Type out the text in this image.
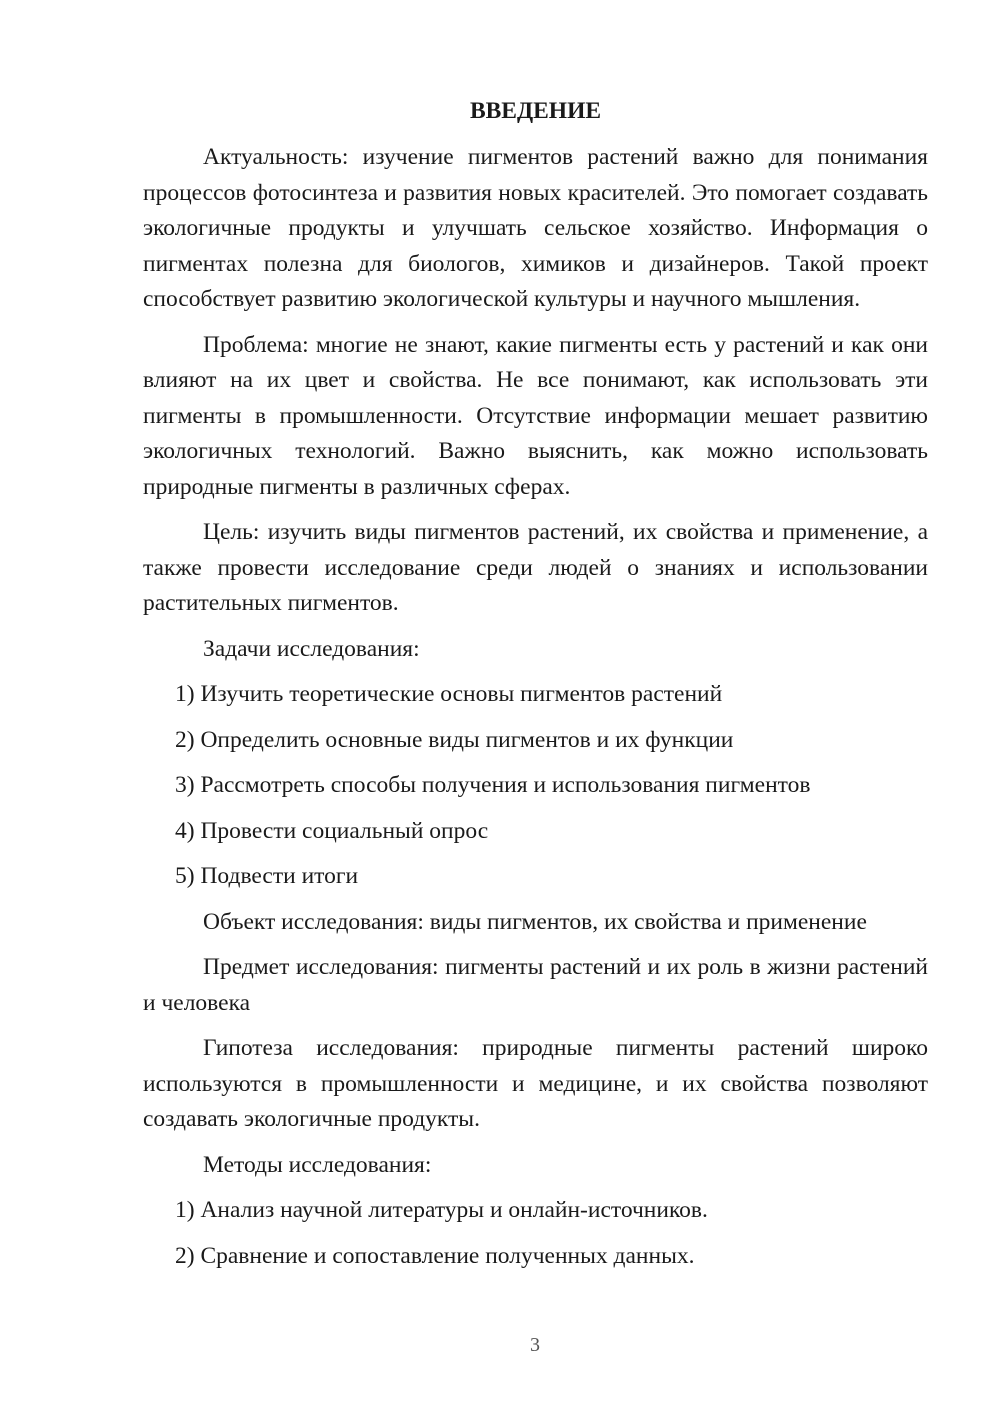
ВВЕДЕНИЕ

Актуальность: изучение пигментов растений важно для понимания процессов фотосинтеза и развития новых красителей. Это помогает создавать экологичные продукты и улучшать сельское хозяйство. Информация о пигментах полезна для биологов, химиков и дизайнеров. Такой проект способствует развитию экологической культуры и научного мышления.

Проблема: многие не знают, какие пигменты есть у растений и как они влияют на их цвет и свойства. Не все понимают, как использовать эти пигменты в промышленности. Отсутствие информации мешает развитию экологичных технологий. Важно выяснить, как можно использовать природные пигменты в различных сферах.

Цель: изучить виды пигментов растений, их свойства и применение, а также провести исследование среди людей о знаниях и использовании растительных пигментов.

Задачи исследования:

1) Изучить теоретические основы пигментов растений
2) Определить основные виды пигментов и их функции
3) Рассмотреть способы получения и использования пигментов
4) Провести социальный опрос
5) Подвести итоги

Объект исследования: виды пигментов, их свойства и применение

Предмет исследования: пигменты растений и их роль в жизни растений и человека

Гипотеза исследования: природные пигменты растений широко используются в промышленности и медицине, и их свойства позволяют создавать экологичные продукты.

Методы исследования:

1) Анализ научной литературы и онлайн-источников.
2) Сравнение и сопоставление полученных данных.
3
